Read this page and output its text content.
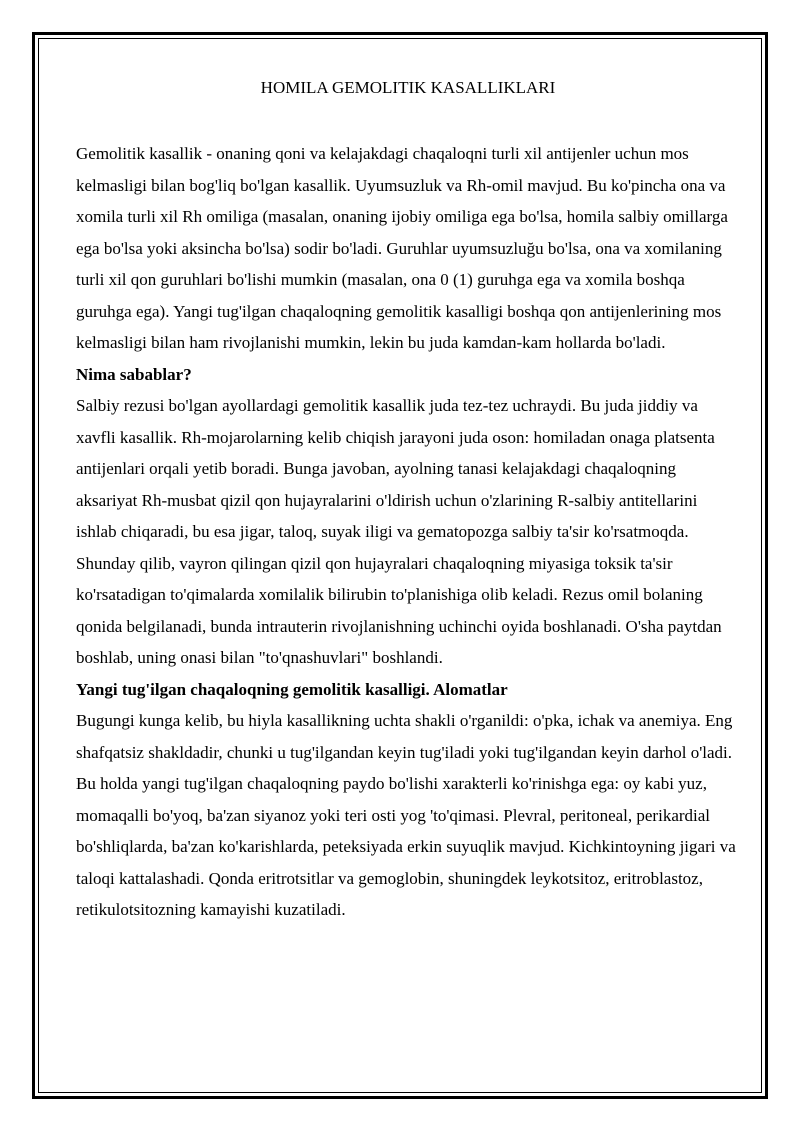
HOMILA GEMOLITIK KASALLIKLARI

Gemolitik kasallik - onaning qoni va kelajakdagi chaqaloqni turli xil antijenler uchun mos kelmasligi bilan bog'liq bo'lgan kasallik. Uyumsuzluk va Rh-omil mavjud. Bu ko'pincha ona va xomila turli xil Rh omiliga (masalan, onaning ijobiy omiliga ega bo'lsa, homila salbiy omillarga ega bo'lsa yoki aksincha bo'lsa) sodir bo'ladi. Guruhlar uyumsuzluğu bo'lsa, ona va xomilaning turli xil qon guruhlari bo'lishi mumkin (masalan, ona 0 (1) guruhga ega va xomila boshqa guruhga ega). Yangi tug'ilgan chaqaloqning gemolitik kasalligi boshqa qon antijenlerining mos kelmasligi bilan ham rivojlanishi mumkin, lekin bu juda kamdan-kam hollarda bo'ladi.

Nima sabablar?

Salbiy rezusi bo'lgan ayollardagi gemolitik kasallik juda tez-tez uchraydi. Bu juda jiddiy va xavfli kasallik. Rh-mojarolarning kelib chiqish jarayoni juda oson: homiladan onaga platsenta antijenlari orqali yetib boradi. Bunga javoban, ayolning tanasi kelajakdagi chaqaloqning aksariyat Rh-musbat qizil qon hujayralarini o'ldirish uchun o'zlarining R-salbiy antitellarini ishlab chiqaradi, bu esa jigar, taloq, suyak iligi va gematopozga salbiy ta'sir ko'rsatmoqda. Shunday qilib, vayron qilingan qizil qon hujayralari chaqaloqning miyasiga toksik ta'sir ko'rsatadigan to'qimalarda xomilalik bilirubin to'planishiga olib keladi. Rezus omil bolaning qonida belgilanadi, bunda intrauterin rivojlanishning uchinchi oyida boshlanadi. O'sha paytdan boshlab, uning onasi bilan "to'qnashuvlari" boshlandi.

Yangi tug'ilgan chaqaloqning gemolitik kasalligi. Alomatlar

Bugungi kunga kelib, bu hiyla kasallikning uchta shakli o'rganildi: o'pka, ichak va anemiya. Eng shafqatsiz shakldadir, chunki u tug'ilgandan keyin tug'iladi yoki tug'ilgandan keyin darhol o'ladi. Bu holda yangi tug'ilgan chaqaloqning paydo bo'lishi xarakterli ko'rinishga ega: oy kabi yuz, momaqalli bo'yoq, ba'zan siyanoz yoki teri osti yog 'to'qimasi. Plevral, peritoneal, perikardial bo'shliqlarda, ba'zan ko'karishlarda, peteksiyada erkin suyuqlik mavjud. Kichkintoyning jigari va taloqi kattalashadi. Qonda eritrotsitlar va gemoglobin, shuningdek leykotsitoz, eritroblastoz, retikulotsitozning kamayishi kuzatiladi.
